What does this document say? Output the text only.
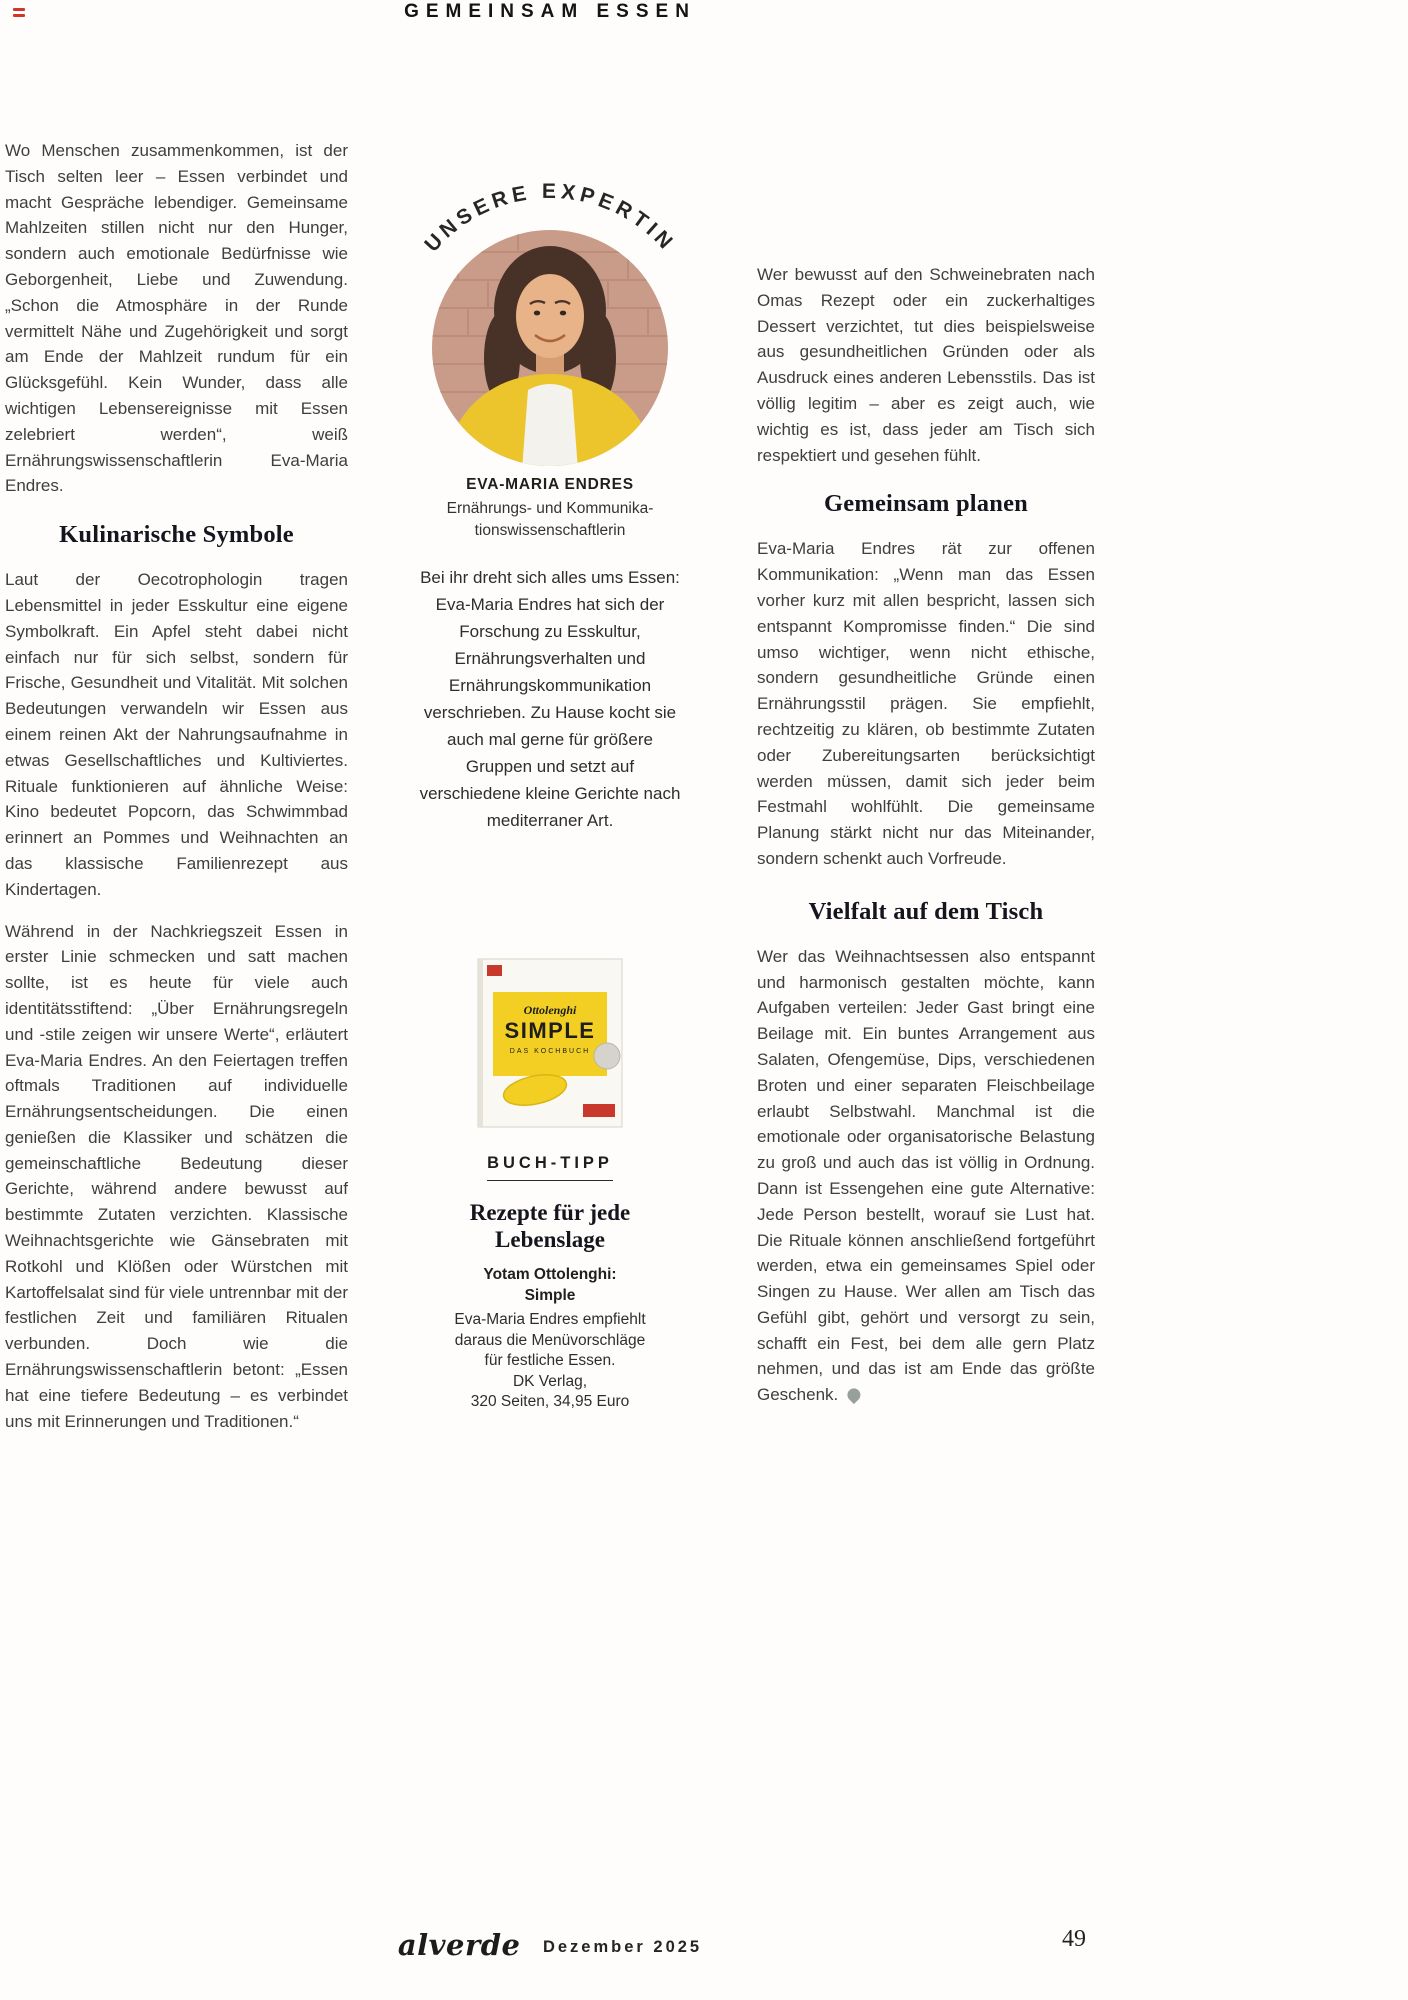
GEMEINSAM ESSEN

Wo Menschen zusammenkommen, ist der Tisch selten leer – Essen verbindet und macht Gespräche lebendiger. Gemeinsame Mahlzeiten stillen nicht nur den Hunger, sondern auch emotionale Bedürfnisse wie Geborgenheit, Liebe und Zuwendung. „Schon die Atmosphäre in der Runde vermittelt Nähe und Zugehörigkeit und sorgt am Ende der Mahlzeit rundum für ein Glücksgefühl. Kein Wunder, dass alle wichtigen Lebensereignisse mit Essen zelebriert werden“, weiß Ernährungswissenschaftlerin Eva-Maria Endres.

Kulinarische Symbole

Laut der Oecotrophologin tragen Lebensmittel in jeder Esskultur eine eigene Symbolkraft. Ein Apfel steht dabei nicht einfach nur für sich selbst, sondern für Frische, Gesundheit und Vitalität. Mit solchen Bedeutungen verwandeln wir Essen aus einem reinen Akt der Nahrungsaufnahme in etwas Gesellschaftliches und Kultiviertes. Rituale funktionieren auf ähnliche Weise: Kino bedeutet Popcorn, das Schwimmbad erinnert an Pommes und Weihnachten an das klassische Familienrezept aus Kindertagen.

Während in der Nachkriegszeit Essen in erster Linie schmecken und satt machen sollte, ist es heute für viele auch identitätsstiftend: „Über Ernährungsregeln und -stile zeigen wir unsere Werte“, erläutert Eva-Maria Endres. An den Feiertagen treffen oftmals Traditionen auf individuelle Ernährungsentscheidungen. Die einen genießen die Klassiker und schätzen die gemeinschaftliche Bedeutung dieser Gerichte, während andere bewusst auf bestimmte Zutaten verzichten. Klassische Weihnachtsgerichte wie Gänsebraten mit Rotkohl und Klößen oder Würstchen mit Kartoffelsalat sind für viele untrennbar mit der festlichen Zeit und familiären Ritualen verbunden. Doch wie die Ernährungswissenschaftlerin betont: „Essen hat eine tiefere Bedeutung – es verbindet uns mit Erinnerungen und Traditionen.“

UNSERE EXPERTIN
EVA-MARIA ENDRES
Ernährungs- und Kommunika-
tionswissenschaftlerin
Bei ihr dreht sich alles ums Essen: Eva-Maria Endres hat sich der Forschung zu Esskultur, Ernährungsverhalten und Ernährungskommunikation verschrieben. Zu Hause kocht sie auch mal gerne für größere Gruppen und setzt auf verschiedene kleine Gerichte nach mediterraner Art.
Ottolenghi
SIMPLE
DAS KOCHBUCH
BUCH-TIPP
Rezepte für jede Lebenslage
Yotam Ottolenghi:
Simple
Eva-Maria Endres empfiehlt daraus die Menüvorschläge für festliche Essen.
DK Verlag,
320 Seiten, 34,95 Euro

Wer bewusst auf den Schweinebraten nach Omas Rezept oder ein zuckerhaltiges Dessert verzichtet, tut dies beispielsweise aus gesundheitlichen Gründen oder als Ausdruck eines anderen Lebensstils. Das ist völlig legitim – aber es zeigt auch, wie wichtig es ist, dass jeder am Tisch sich respektiert und gesehen fühlt.

Gemeinsam planen

Eva-Maria Endres rät zur offenen Kommunikation: „Wenn man das Essen vorher kurz mit allen bespricht, lassen sich entspannt Kompromisse finden.“ Die sind umso wichtiger, wenn nicht ethische, sondern gesundheitliche Gründe einen Ernährungsstil prägen. Sie empfiehlt, rechtzeitig zu klären, ob bestimmte Zutaten oder Zubereitungsarten berücksichtigt werden müssen, damit sich jeder beim Festmahl wohlfühlt. Die gemeinsame Planung stärkt nicht nur das Miteinander, sondern schenkt auch Vorfreude.

Vielfalt auf dem Tisch

Wer das Weihnachtsessen also entspannt und harmonisch gestalten möchte, kann Aufgaben verteilen: Jeder Gast bringt eine Beilage mit. Ein buntes Arrangement aus Salaten, Ofengemüse, Dips, verschiedenen Broten und einer separaten Fleischbeilage erlaubt Selbstwahl. Manchmal ist die emotionale oder organisatorische Belastung zu groß und auch das ist völlig in Ordnung. Dann ist Essengehen eine gute Alternative: Jede Person bestellt, worauf sie Lust hat. Die Rituale können anschließend fortgeführt werden, etwa ein gemeinsames Spiel oder Singen zu Hause. Wer allen am Tisch das Gefühl gibt, gehört und versorgt zu sein, schafft ein Fest, bei dem alle gern Platz nehmen, und das ist am Ende das größte Geschenk.

alverde Dezember 2025	49
